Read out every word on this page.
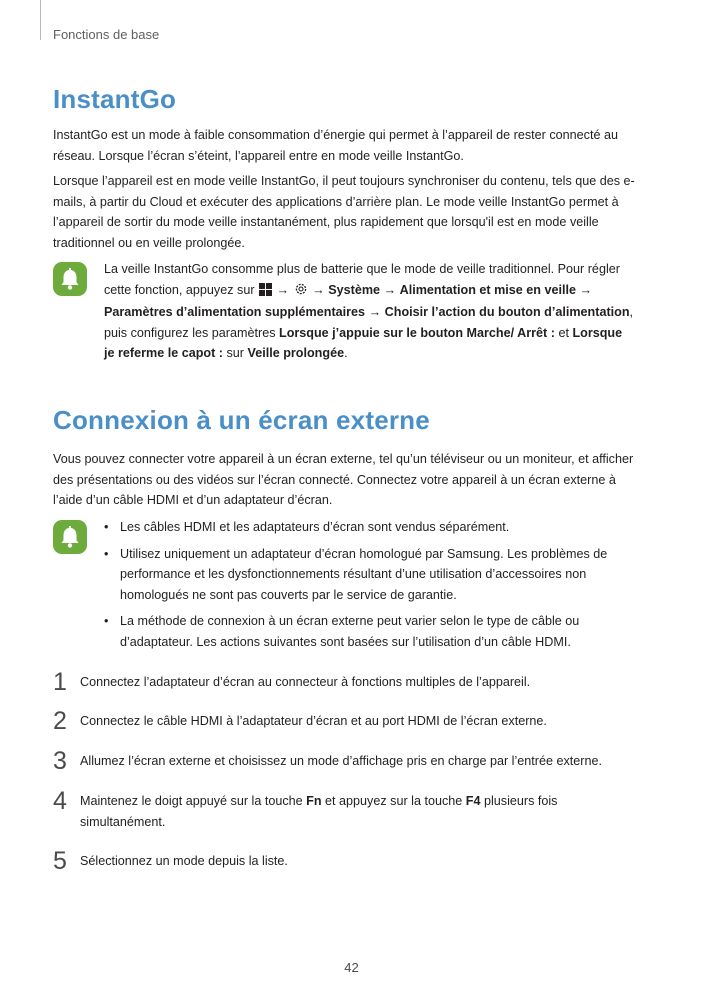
Fonctions de base
InstantGo

InstantGo est un mode à faible consommation d’énergie qui permet à l’appareil de rester connecté au réseau. Lorsque l’écran s’éteint, l’appareil entre en mode veille InstantGo.

Lorsque l’appareil est en mode veille InstantGo, il peut toujours synchroniser du contenu, tels que des e-mails, à partir du Cloud et exécuter des applications d’arrière plan. Le mode veille InstantGo permet à l’appareil de sortir du mode veille instantanément, plus rapidement que lorsqu'il est en mode veille traditionnel ou en veille prolongée.

La veille InstantGo consomme plus de batterie que le mode de veille traditionnel. Pour régler cette fonction, appuyez sur → → Système → Alimentation et mise en veille → Paramètres d’alimentation supplémentaires → Choisir l’action du bouton d’alimentation, puis configurez les paramètres Lorsque j’appuie sur le bouton Marche/ Arrêt : et Lorsque je referme le capot : sur Veille prolongée.

Connexion à un écran externe

Vous pouvez connecter votre appareil à un écran externe, tel qu’un téléviseur ou un moniteur, et afficher des présentations ou des vidéos sur l’écran connecté. Connectez votre appareil à un écran externe à l’aide d’un câble HDMI et d’un adaptateur d’écran.

• Les câbles HDMI et les adaptateurs d’écran sont vendus séparément.
• Utilisez uniquement un adaptateur d’écran homologué par Samsung. Les problèmes de performance et les dysfonctionnements résultant d’une utilisation d’accessoires non homologués ne sont pas couverts par le service de garantie.
• La méthode de connexion à un écran externe peut varier selon le type de câble ou d’adaptateur. Les actions suivantes sont basées sur l’utilisation d’un câble HDMI.
1 Connectez l’adaptateur d’écran au connecteur à fonctions multiples de l’appareil.
2 Connectez le câble HDMI à l’adaptateur d’écran et au port HDMI de l’écran externe.
3 Allumez l’écran externe et choisissez un mode d’affichage pris en charge par l’entrée externe.
4 Maintenez le doigt appuyé sur la touche Fn et appuyez sur la touche F4 plusieurs fois simultanément.
5 Sélectionnez un mode depuis la liste.
42
